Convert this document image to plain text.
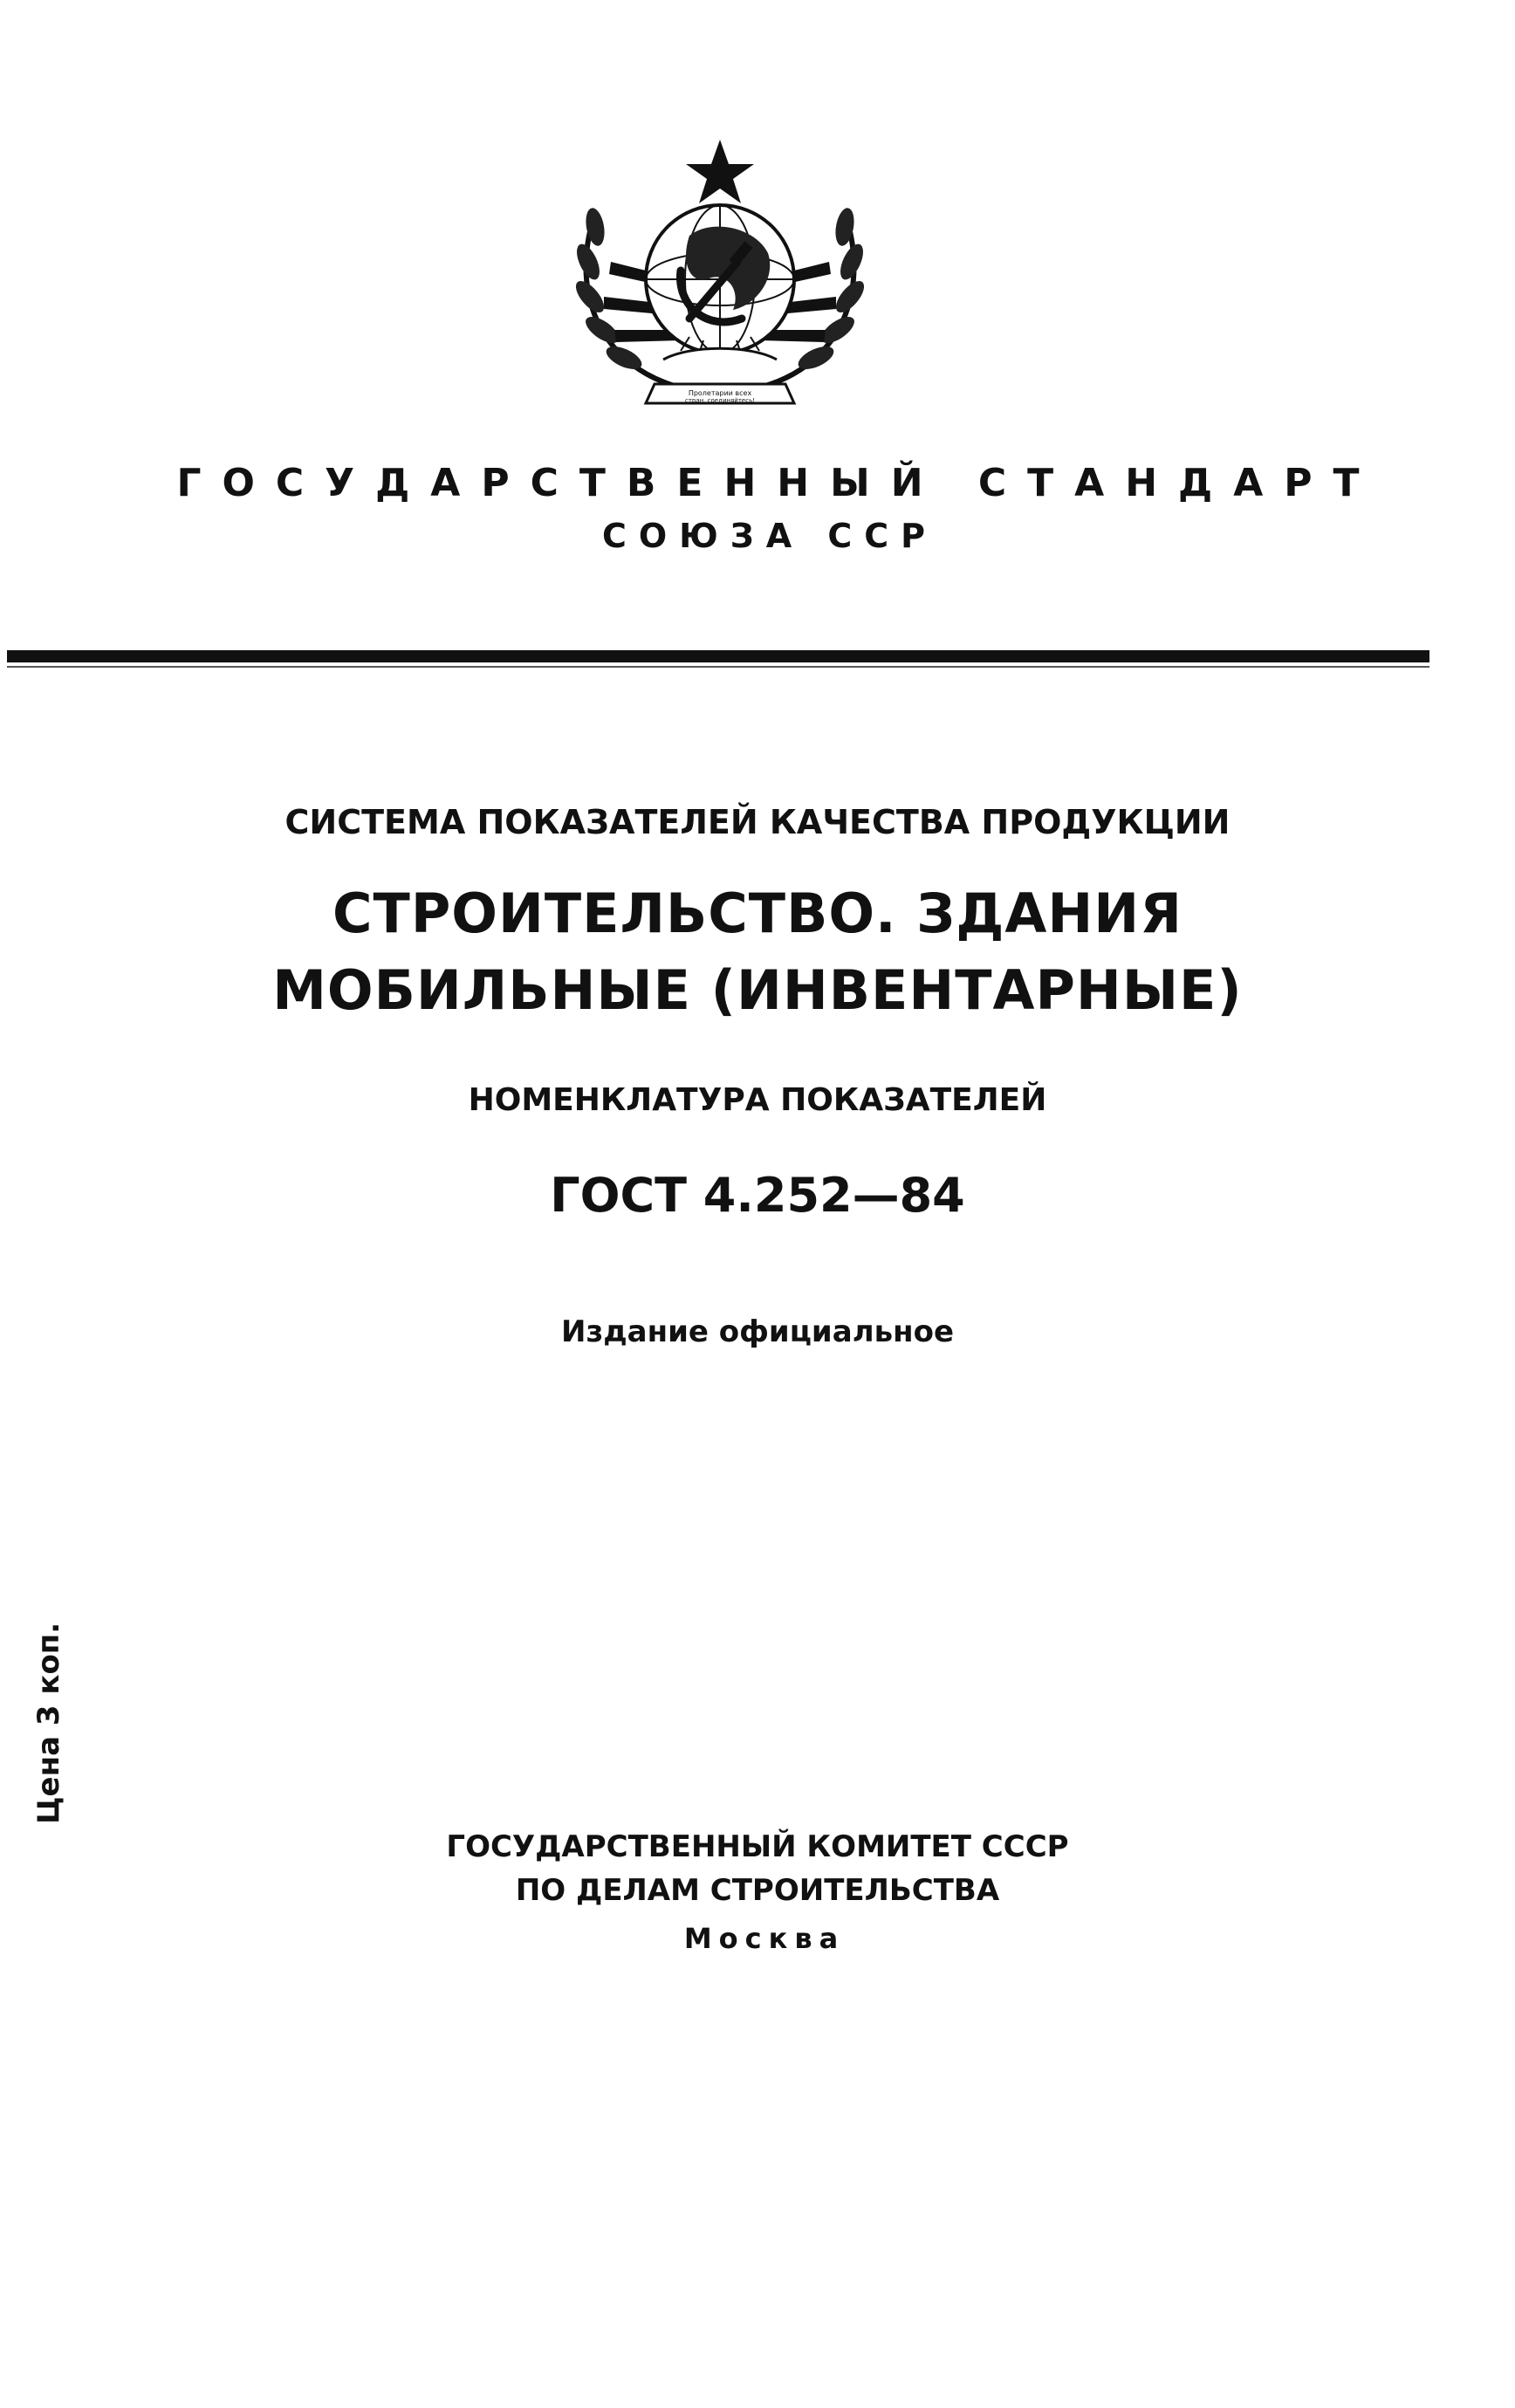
Пролетарии всех
стран, соединяйтесь!
ГОСУДАРСТВЕННЫЙ СТАНДАРТ
СОЮЗА ССР
СИСТЕМА ПОКАЗАТЕЛЕЙ КАЧЕСТВА ПРОДУКЦИИ
СТРОИТЕЛЬСТВО. ЗДАНИЯ
МОБИЛЬНЫЕ (ИНВЕНТАРНЫЕ)
НОМЕНКЛАТУРА ПОКАЗАТЕЛЕЙ
ГОСТ 4.252—84
Издание официальное
Цена 3 коп.
ГОСУДАРСТВЕННЫЙ КОМИТЕТ СССР
ПО ДЕЛАМ СТРОИТЕЛЬСТВА
Москва
